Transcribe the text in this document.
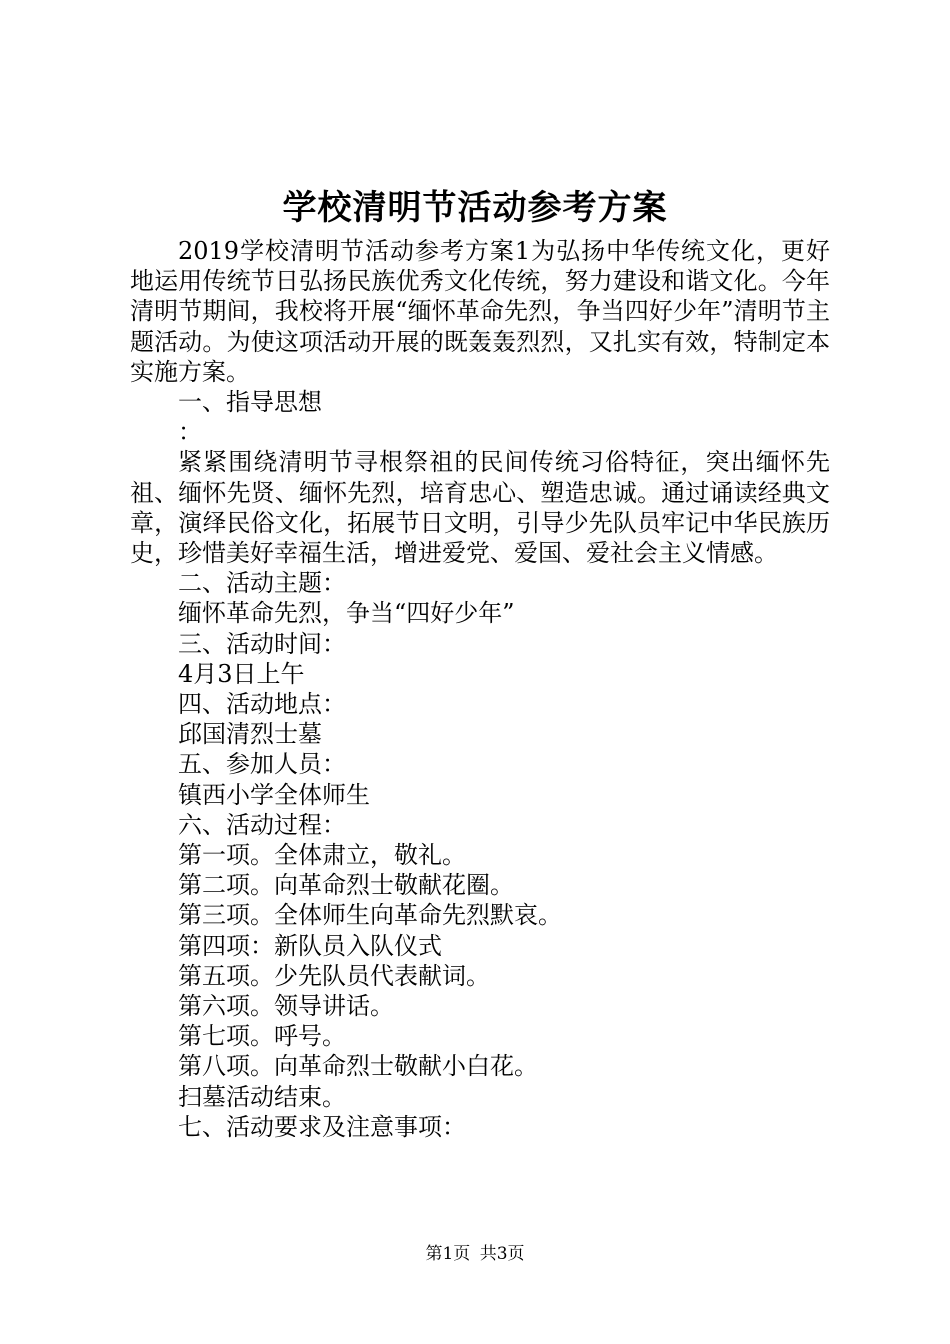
学校清明节活动参考方案

2019学校清明节活动参考方案1为弘扬中华传统文化，更好地运用传统节日弘扬民族优秀文化传统，努力建设和谐文化。今年清明节期间，我校将开展“缅怀革命先烈，争当四好少年”清明节主题活动。为使这项活动开展的既轰轰烈烈，又扎实有效，特制定本实施方案。

一、指导思想

：

紧紧围绕清明节寻根祭祖的民间传统习俗特征，突出缅怀先祖、缅怀先贤、缅怀先烈，培育忠心、塑造忠诚。通过诵读经典文章，演绎民俗文化，拓展节日文明，引导少先队员牢记中华民族历史，珍惜美好幸福生活，增进爱党、爱国、爱社会主义情感。

二、活动主题：

缅怀革命先烈，争当“四好少年”

三、活动时间：

4月3日上午

四、活动地点：

邱国清烈士墓

五、参加人员：

镇西小学全体师生

六、活动过程：

第一项。全体肃立，敬礼。

第二项。向革命烈士敬献花圈。

第三项。全体师生向革命先烈默哀。

第四项：新队员入队仪式

第五项。少先队员代表献词。

第六项。领导讲话。

第七项。呼号。

第八项。向革命烈士敬献小白花。

扫墓活动结束。

七、活动要求及注意事项：

第1页 共3页
